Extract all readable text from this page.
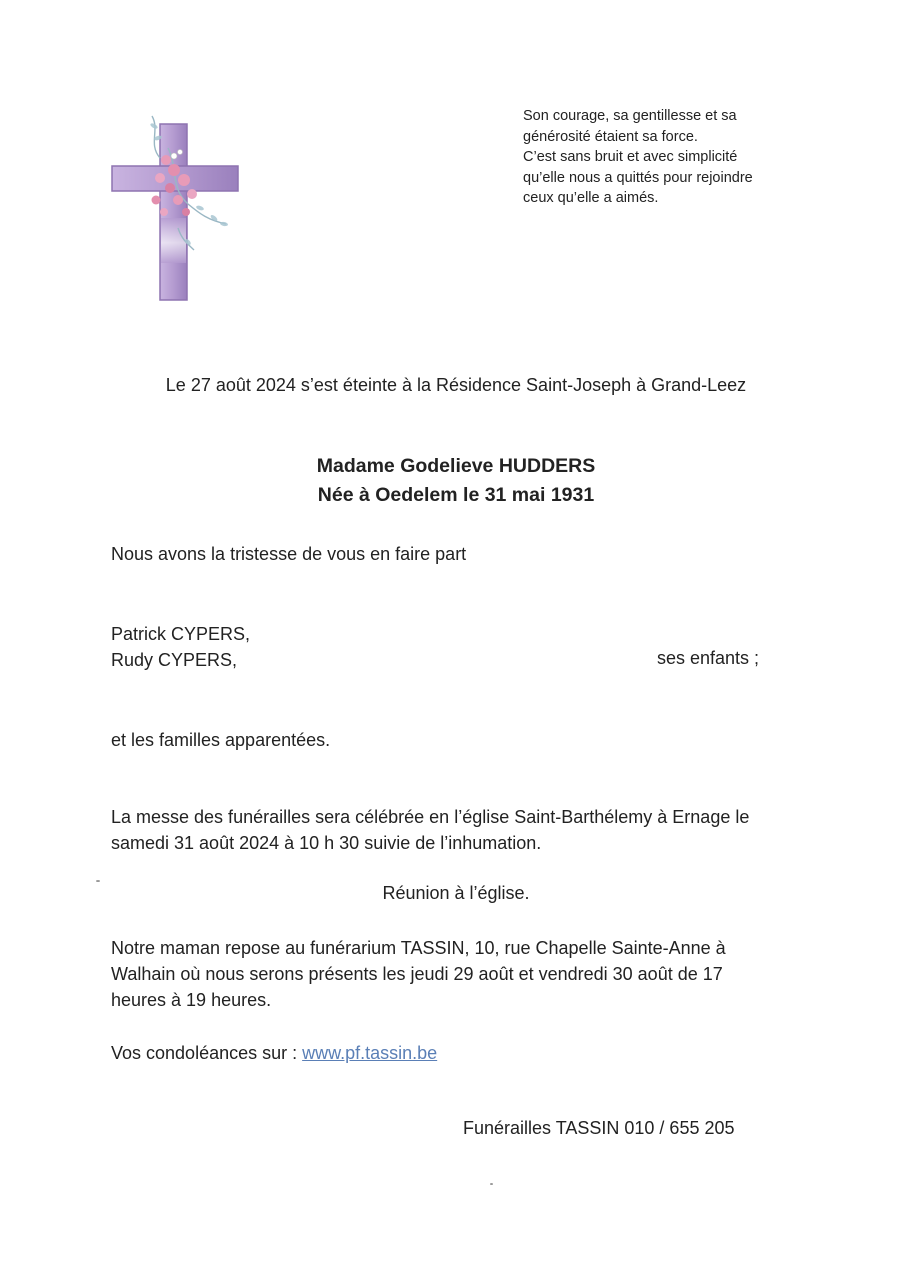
Son courage, sa gentillesse et sa
générosité étaient sa force.
C’est sans bruit et avec simplicité
qu’elle nous a quittés pour rejoindre
ceux qu’elle a aimés.
Le 27 août 2024 s’est éteinte à la Résidence Saint-Joseph à Grand-Leez
Madame Godelieve HUDDERS
Née à Oedelem le 31 mai 1931
Nous avons la tristesse de vous en faire part
Patrick CYPERS,
Rudy CYPERS,	ses enfants ;
et les familles apparentées.
La messe des funérailles sera célébrée en l’église Saint-Barthélemy à Ernage le
samedi 31 août 2024 à 10 h 30 suivie de l’inhumation.
Réunion à l’église.
Notre maman repose au funérarium TASSIN, 10, rue Chapelle Sainte-Anne à
Walhain où nous serons présents les jeudi 29 août et vendredi 30 août de 17
heures à 19 heures.
Vos condoléances sur : www.pf.tassin.be
Funérailles TASSIN 010 / 655 205
